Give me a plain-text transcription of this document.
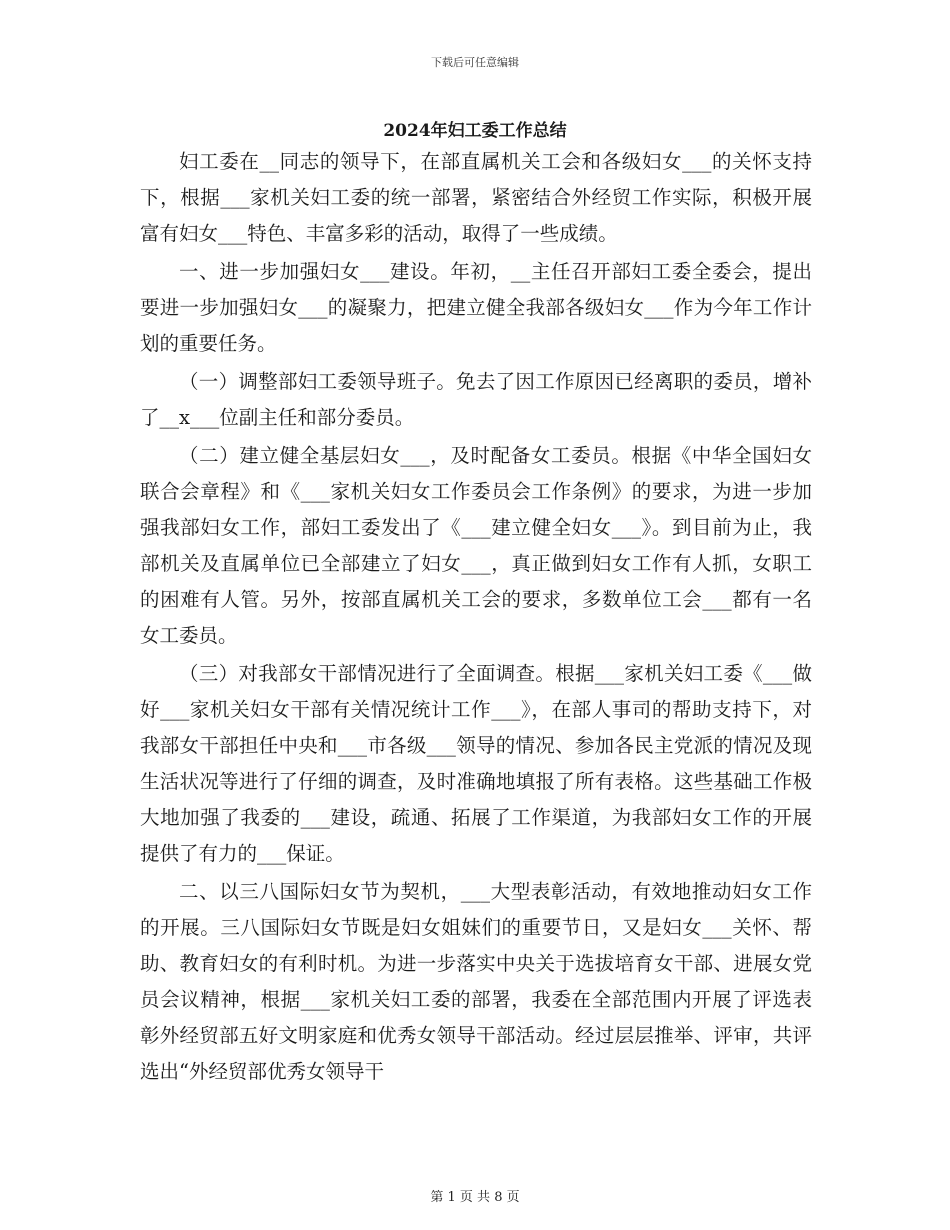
下载后可任意编辑
2024年妇工委工作总结

妇工委在__同志的领导下，在部直属机关工会和各级妇女___的关怀支持下，根据___家机关妇工委的统一部署，紧密结合外经贸工作实际，积极开展富有妇女___特色、丰富多彩的活动，取得了一些成绩。

一、进一步加强妇女___建设。年初，__主任召开部妇工委全委会，提出要进一步加强妇女___的凝聚力，把建立健全我部各级妇女___作为今年工作计划的重要任务。

（一）调整部妇工委领导班子。免去了因工作原因已经离职的委员，增补了__x___位副主任和部分委员。

（二）建立健全基层妇女___，及时配备女工委员。根据《中华全国妇女联合会章程》和《___家机关妇女工作委员会工作条例》的要求，为进一步加强我部妇女工作，部妇工委发出了《___建立健全妇女___》。到目前为止，我部机关及直属单位已全部建立了妇女___，真正做到妇女工作有人抓，女职工的困难有人管。另外，按部直属机关工会的要求，多数单位工会___都有一名女工委员。

（三）对我部女干部情况进行了全面调查。根据___家机关妇工委《___做好___家机关妇女干部有关情况统计工作___》，在部人事司的帮助支持下，对我部女干部担任中央和___市各级___领导的情况、参加各民主党派的情况及现生活状况等进行了仔细的调查，及时准确地填报了所有表格。这些基础工作极大地加强了我委的___建设，疏通、拓展了工作渠道，为我部妇女工作的开展提供了有力的___保证。

二、以三八国际妇女节为契机，___大型表彰活动，有效地推动妇女工作的开展。三八国际妇女节既是妇女姐妹们的重要节日，又是妇女___关怀、帮助、教育妇女的有利时机。为进一步落实中央关于选拔培育女干部、进展女党员会议精神，根据___家机关妇工委的部署，我委在全部范围内开展了评选表彰外经贸部五好文明家庭和优秀女领导干部活动。经过层层推举、评审，共评选出“外经贸部优秀女领导干

第 1 页 共 8 页
